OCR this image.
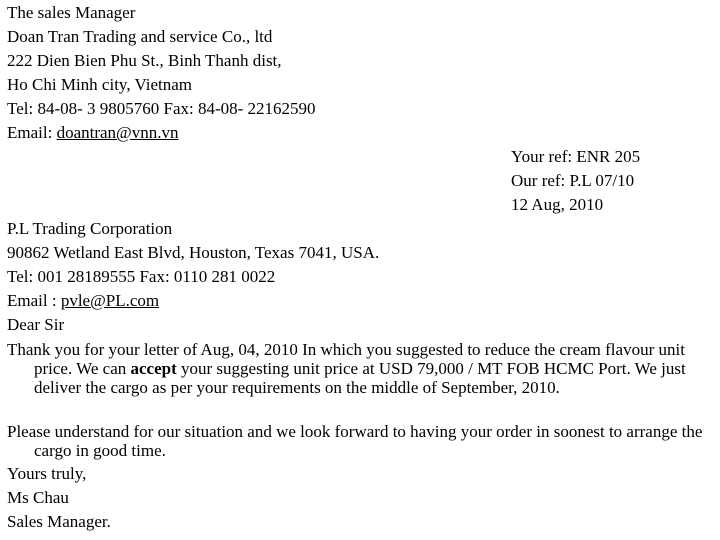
The sales Manager
Doan Tran Trading and service Co., ltd
222 Dien Bien Phu St., Binh Thanh dist,
Ho Chi Minh city, Vietnam
Tel: 84-08- 3 9805760 Fax: 84-08- 22162590
Email: doantran@vnn.vn
Your ref: ENR 205
Our ref: P.L 07/10
12 Aug, 2010
P.L Trading Corporation
90862 Wetland East Blvd, Houston, Texas 7041, USA.
Tel: 001 28189555 Fax: 0110 281 0022
Email : pvle@PL.com
Dear Sir
Thank you for your letter of Aug, 04, 2010 In which you suggested to reduce the cream flavour unit price. We can accept your suggesting unit price at USD 79,000 / MT FOB HCMC Port. We just deliver the cargo as per your requirements on the middle of September, 2010.
Please understand for our situation and we look forward to having your order in soonest to arrange the cargo in good time.
Yours truly,
Ms Chau
Sales Manager.
